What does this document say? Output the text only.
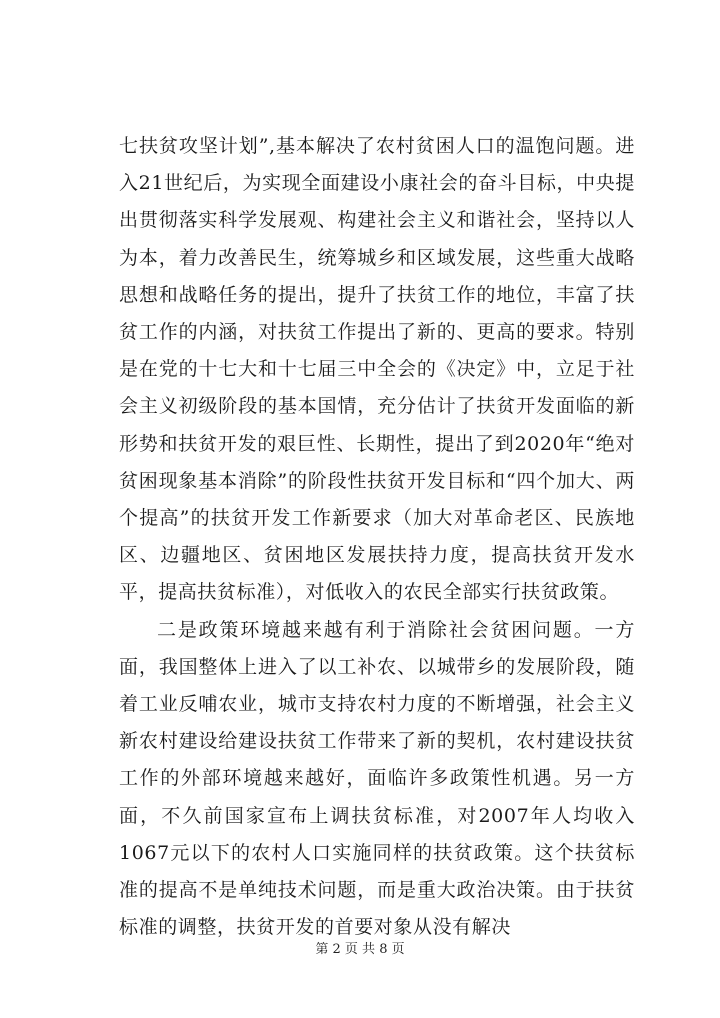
七扶贫攻坚计划”,基本解决了农村贫困人口的温饱问题。进入21世纪后，为实现全面建设小康社会的奋斗目标，中央提出贯彻落实科学发展观、构建社会主义和谐社会，坚持以人为本，着力改善民生，统筹城乡和区域发展，这些重大战略思想和战略任务的提出，提升了扶贫工作的地位，丰富了扶贫工作的内涵，对扶贫工作提出了新的、更高的要求。特别是在党的十七大和十七届三中全会的《决定》中，立足于社会主义初级阶段的基本国情，充分估计了扶贫开发面临的新形势和扶贫开发的艰巨性、长期性，提出了到2020年“绝对贫困现象基本消除”的阶段性扶贫开发目标和“四个加大、两个提高”的扶贫开发工作新要求（加大对革命老区、民族地区、边疆地区、贫困地区发展扶持力度，提高扶贫开发水平，提高扶贫标准），对低收入的农民全部实行扶贫政策。

二是政策环境越来越有利于消除社会贫困问题。一方面，我国整体上进入了以工补农、以城带乡的发展阶段，随着工业反哺农业，城市支持农村力度的不断增强，社会主义新农村建设给建设扶贫工作带来了新的契机，农村建设扶贫工作的外部环境越来越好，面临许多政策性机遇。另一方面，不久前国家宣布上调扶贫标准，对2007年人均收入1067元以下的农村人口实施同样的扶贫政策。这个扶贫标准的提高不是单纯技术问题，而是重大政治决策。由于扶贫标准的调整，扶贫开发的首要对象从没有解决

第 2 页 共 8 页
